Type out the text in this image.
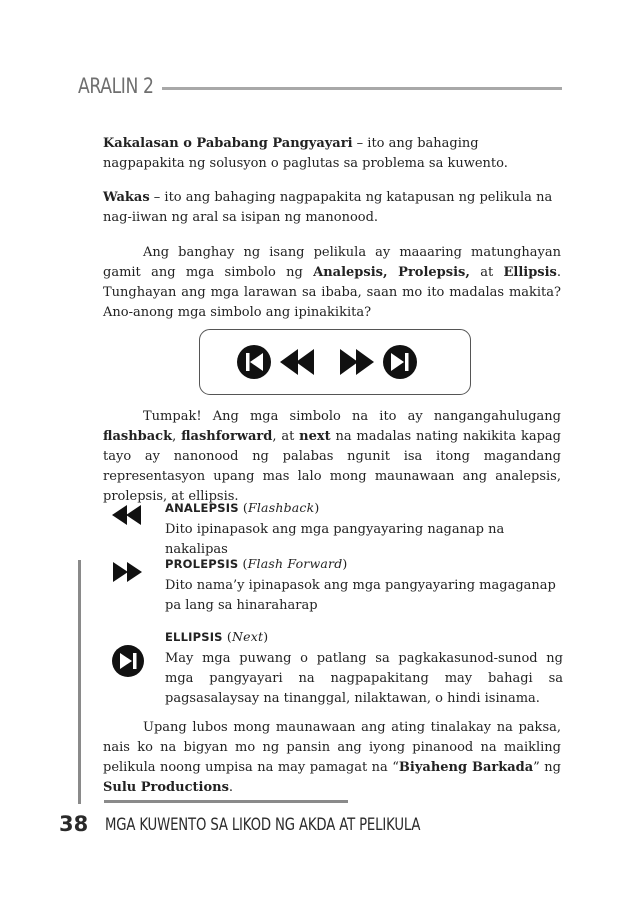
ARALIN 2

Kakalasan o Pababang Pangyayari – ito ang bahaging nagpapakita ng solusyon o paglutas sa problema sa kuwento.

Wakas – ito ang bahaging nagpapakita ng katapusan ng pelikula na nag-iiwan ng aral sa isipan ng manonood.

Ang banghay ng isang pelikula ay maaaring matunghayan gamit ang mga simbolo ng Analepsis, Prolepsis, at Ellipsis. Tunghayan ang mga larawan sa ibaba, saan mo ito madalas makita? Ano-anong mga simbolo ang ipinakikita?

Tumpak! Ang mga simbolo na ito ay nangangahulugang flashback, flashforward, at next na madalas nating nakikita kapag tayo ay nanonood ng palabas ngunit isa itong magandang representasyon upang mas lalo mong maunawaan ang analepsis, prolepsis, at ellipsis.

ANALEPSIS (Flashback)
Dito ipinapasok ang mga pangyayaring naganap na nakalipas
PROLEPSIS (Flash Forward)
Dito nama’y ipinapasok ang mga pangyayaring magaganap pa lang sa hinaraharap
ELLIPSIS (Next)
May mga puwang o patlang sa pagkakasunod-sunod ng mga pangyayari na nagpapakitang may bahagi sa pagsasalaysay na tinanggal, nilaktawan, o hindi isinama.

Upang lubos mong maunawaan ang ating tinalakay na paksa, nais ko na bigyan mo ng pansin ang iyong pinanood na maikling pelikula noong umpisa na may pamagat na “Biyaheng Barkada” ng Sulu Productions.

38 MGA KUWENTO SA LIKOD NG AKDA AT PELIKULA
